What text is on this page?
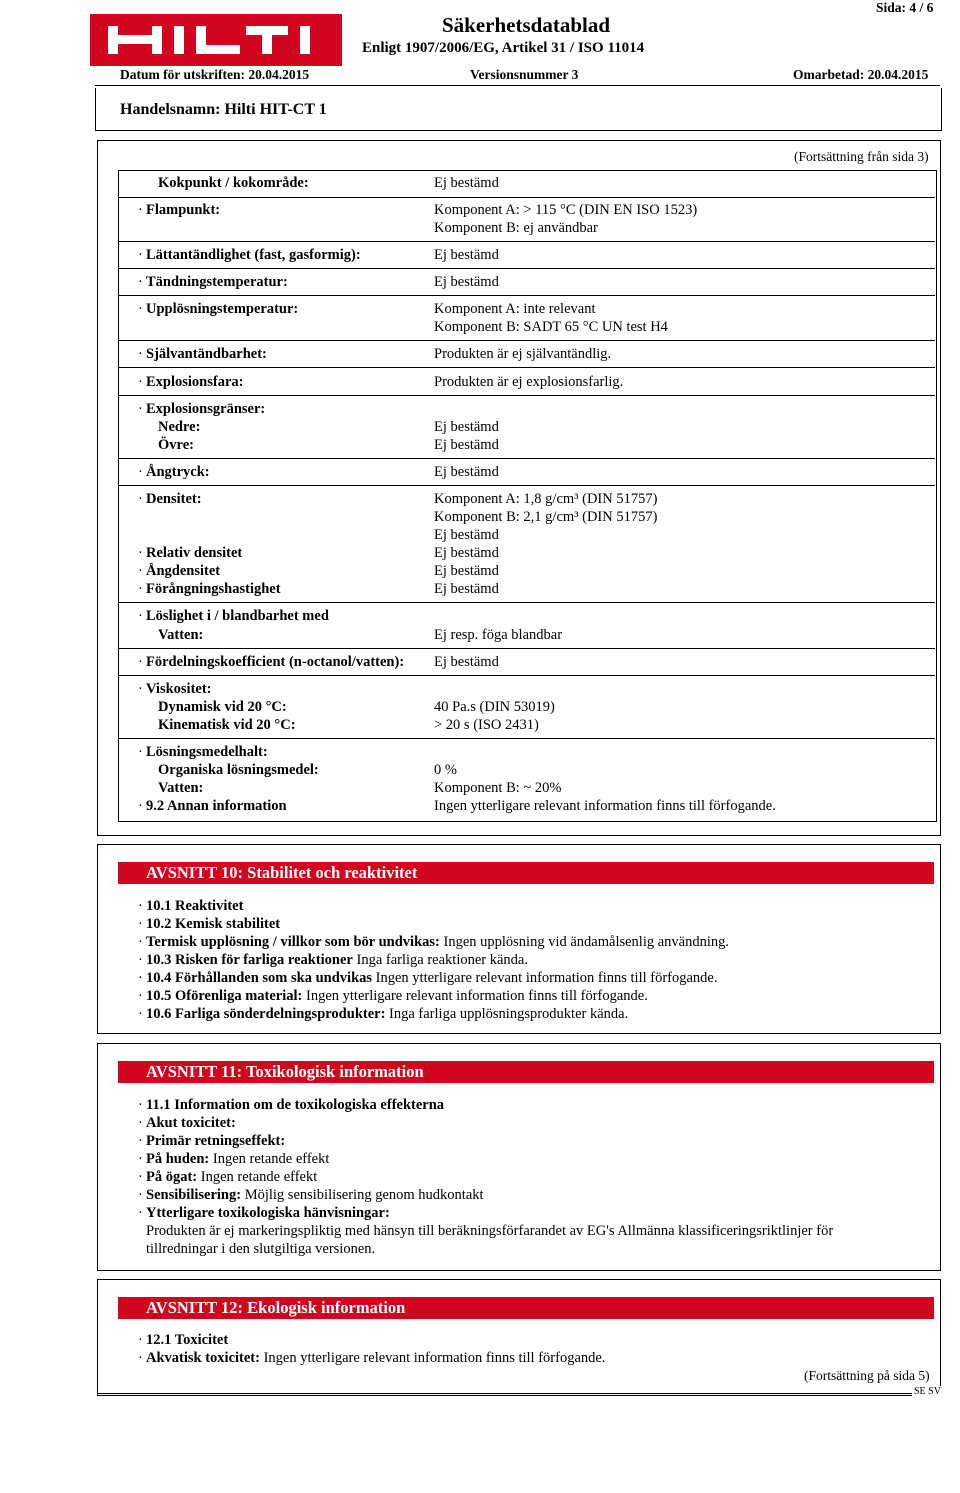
Säkerhetsdatablad
Enligt 1907/2006/EG, Artikel 31 / ISO 11014
Sida: 4 / 6
Datum för utskriften: 20.04.2015	Versionsnummer 3	Omarbetad: 20.04.2015
Handelsnamn: Hilti HIT-CT 1
(Fortsättning från sida 3)
Kokpunkt / kokområde:	Ej bestämd
· Flampunkt:	Komponent A: > 115 °C (DIN EN ISO 1523)
Komponent B: ej användbar
· Lättantändlighet (fast, gasformig):	Ej bestämd
· Tändningstemperatur:	Ej bestämd
· Upplösningstemperatur:	Komponent A: inte relevant
Komponent B: SADT 65 °C UN test H4
· Självantändbarhet:	Produkten är ej självantändlig.
· Explosionsfara:	Produkten är ej explosionsfarlig.
· Explosionsgränser:
Nedre:	Ej bestämd
Övre:	Ej bestämd
· Ångtryck:	Ej bestämd
· Densitet:	Komponent A: 1,8 g/cm³ (DIN 51757)
Komponent B: 2,1 g/cm³ (DIN 51757)
Ej bestämd
· Relativ densitet	Ej bestämd
· Ångdensitet	Ej bestämd
· Förångningshastighet	Ej bestämd
· Löslighet i / blandbarhet med
Vatten:	Ej resp. föga blandbar
· Fördelningskoefficient (n-octanol/vatten): Ej bestämd
· Viskositet:
Dynamisk vid 20 °C:	40 Pa.s (DIN 53019)
Kinematisk vid 20 °C:	> 20 s (ISO 2431)
· Lösningsmedelhalt:
Organiska lösningsmedel:	0 %
Vatten:	Komponent B: ~ 20%
· 9.2 Annan information	Ingen ytterligare relevant information finns till förfogande.
AVSNITT 10: Stabilitet och reaktivitet
· 10.1 Reaktivitet
· 10.2 Kemisk stabilitet
· Termisk upplösning / villkor som bör undvikas: Ingen upplösning vid ändamålsenlig användning.
· 10.3 Risken för farliga reaktioner Inga farliga reaktioner kända.
· 10.4 Förhållanden som ska undvikas Ingen ytterligare relevant information finns till förfogande.
· 10.5 Oförenliga material: Ingen ytterligare relevant information finns till förfogande.
· 10.6 Farliga sönderdelningsprodukter: Inga farliga upplösningsprodukter kända.
AVSNITT 11: Toxikologisk information
· 11.1 Information om de toxikologiska effekterna
· Akut toxicitet:
· Primär retningseffekt:
· På huden: Ingen retande effekt
· På ögat: Ingen retande effekt
· Sensibilisering: Möjlig sensibilisering genom hudkontakt
· Ytterligare toxikologiska hänvisningar:
Produkten är ej markeringspliktig med hänsyn till beräkningsförfarandet av EG's Allmänna klassificeringsriktlinjer för
tillredningar i den slutgiltiga versionen.
AVSNITT 12: Ekologisk information
· 12.1 Toxicitet
· Akvatisk toxicitet: Ingen ytterligare relevant information finns till förfogande.
(Fortsättning på sida 5)
SE SV
